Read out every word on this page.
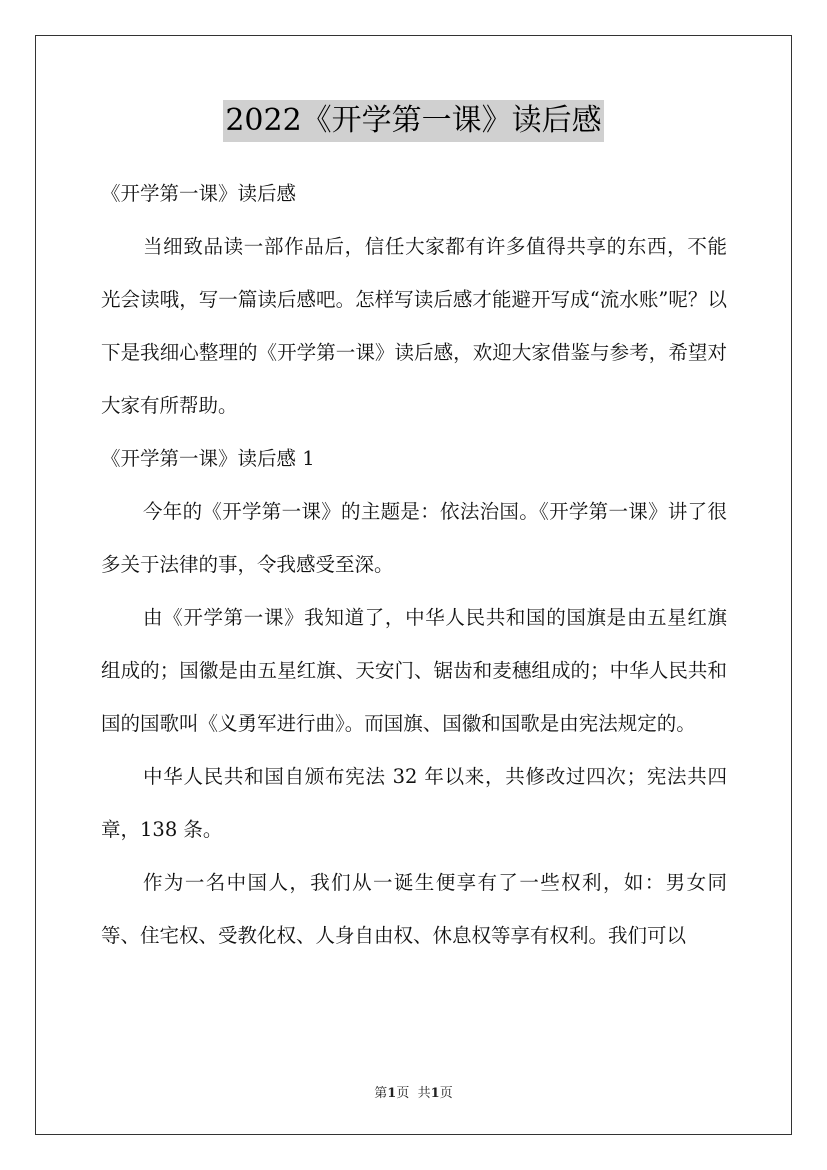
2022《开学第一课》读后感

《开学第一课》读后感

当细致品读一部作品后，信任大家都有许多值得共享的东西，不能光会读哦，写一篇读后感吧。怎样写读后感才能避开写成“流水账”呢？以下是我细心整理的《开学第一课》读后感，欢迎大家借鉴与参考，希望对大家有所帮助。

《开学第一课》读后感 1

今年的《开学第一课》的主题是：依法治国。《开学第一课》讲了很多关于法律的事，令我感受至深。

由《开学第一课》我知道了，中华人民共和国的国旗是由五星红旗组成的；国徽是由五星红旗、天安门、锯齿和麦穗组成的；中华人民共和国的国歌叫《义勇军进行曲》。而国旗、国徽和国歌是由宪法规定的。

中华人民共和国自颁布宪法 32 年以来，共修改过四次；宪法共四章，138 条。

作为一名中国人，我们从一诞生便享有了一些权利，如：男女同等、住宅权、受教化权、人身自由权、休息权等享有权利。我们可以

第1页 共1页
